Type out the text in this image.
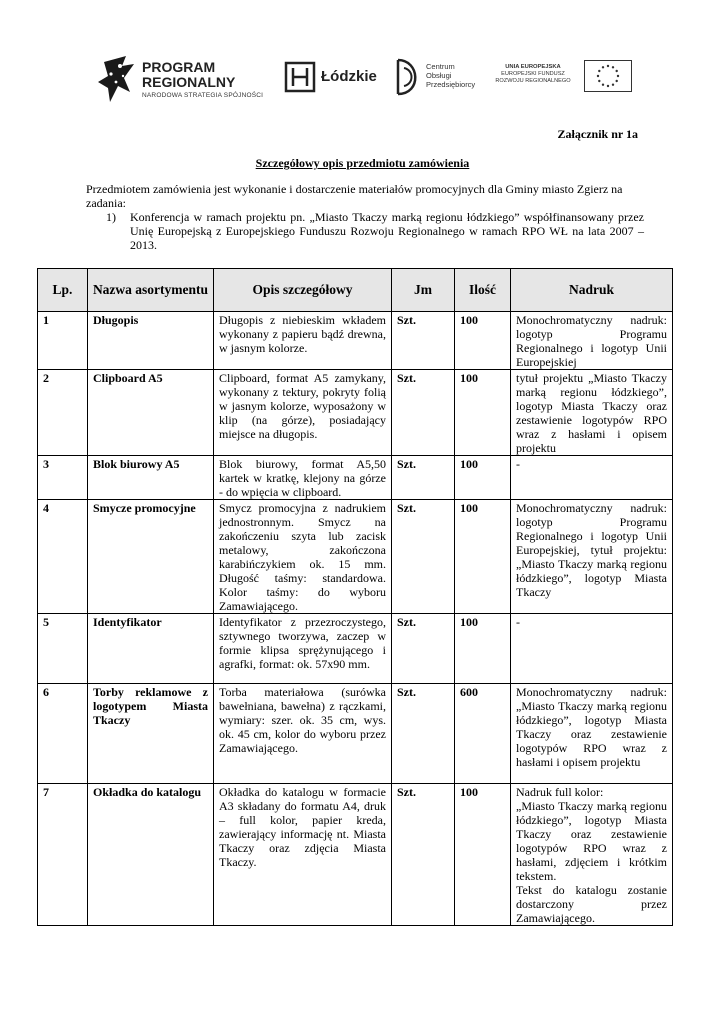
PROGRAM
REGIONALNY
NARODOWA STRATEGIA SPÓJNOŚCI
Łódzkie
Centrum
Obsługi
Przedsiębiorcy
UNIA EUROPEJSKA
EUROPEJSKI FUNDUSZ
ROZWOJU REGIONALNEGO
Załącznik nr 1a
Szczegółowy opis przedmiotu zamówienia
Przedmiotem zamówienia jest wykonanie i dostarczenie materiałów promocyjnych dla Gminy miasto Zgierz na zadania:
1) Konferencja w ramach projektu pn. „Miasto Tkaczy marką regionu łódzkiego” współfinansowany przez Unię Europejską z Europejskiego Funduszu Rozwoju Regionalnego w ramach RPO WŁ na lata 2007 – 2013.
Lp.	Nazwa asortymentu	Opis szczegółowy	Jm	Ilość	Nadruk
1	Długopis	Długopis z niebieskim wkładem wykonany z papieru bądź drewna, w jasnym kolorze.	Szt.	100	Monochromatyczny nadruk: logotyp Programu Regionalnego i logotyp Unii Europejskiej
2	Clipboard A5	Clipboard, format A5 zamykany, wykonany z tektury, pokryty folią w jasnym kolorze, wyposażony w klip (na górze), posiadający miejsce na długopis.	Szt.	100	tytuł projektu „Miasto Tkaczy marką regionu łódzkiego”, logotyp Miasta Tkaczy oraz zestawienie logotypów RPO wraz z hasłami i opisem projektu
3	Blok biurowy A5	Blok biurowy, format A5,50 kartek w kratkę, klejony na górze - do wpięcia w clipboard.	Szt.	100	-
4	Smycze promocyjne	Smycz promocyjna z nadrukiem jednostronnym. Smycz na zakończeniu szyta lub zacisk metalowy, zakończona karabińczykiem ok. 15 mm. Długość taśmy: standardowa. Kolor taśmy: do wyboru Zamawiającego.	Szt.	100	Monochromatyczny nadruk: logotyp Programu Regionalnego i logotyp Unii Europejskiej, tytuł projektu: „Miasto Tkaczy marką regionu łódzkiego”, logotyp Miasta Tkaczy
5	Identyfikator	Identyfikator z przezroczystego, sztywnego tworzywa, zaczep w formie klipsa sprężynującego i agrafki, format: ok. 57x90 mm.	Szt.	100	-
6	Torby reklamowe z logotypem Miasta Tkaczy	Torba materiałowa (surówka bawełniana, bawełna) z rączkami, wymiary: szer. ok. 35 cm, wys. ok. 45 cm, kolor do wyboru przez Zamawiającego.	Szt.	600	Monochromatyczny nadruk: „Miasto Tkaczy marką regionu łódzkiego”, logotyp Miasta Tkaczy oraz zestawienie logotypów RPO wraz z hasłami i opisem projektu
7	Okładka do katalogu	Okładka do katalogu w formacie A3 składany do formatu A4, druk – full kolor, papier kreda, zawierający informację nt. Miasta Tkaczy oraz zdjęcia Miasta Tkaczy.	Szt.	100	Nadruk full kolor:
„Miasto Tkaczy marką regionu łódzkiego”, logotyp Miasta Tkaczy oraz zestawienie logotypów RPO wraz z hasłami, zdjęciem i krótkim tekstem.
Tekst do katalogu zostanie dostarczony przez Zamawiającego.
